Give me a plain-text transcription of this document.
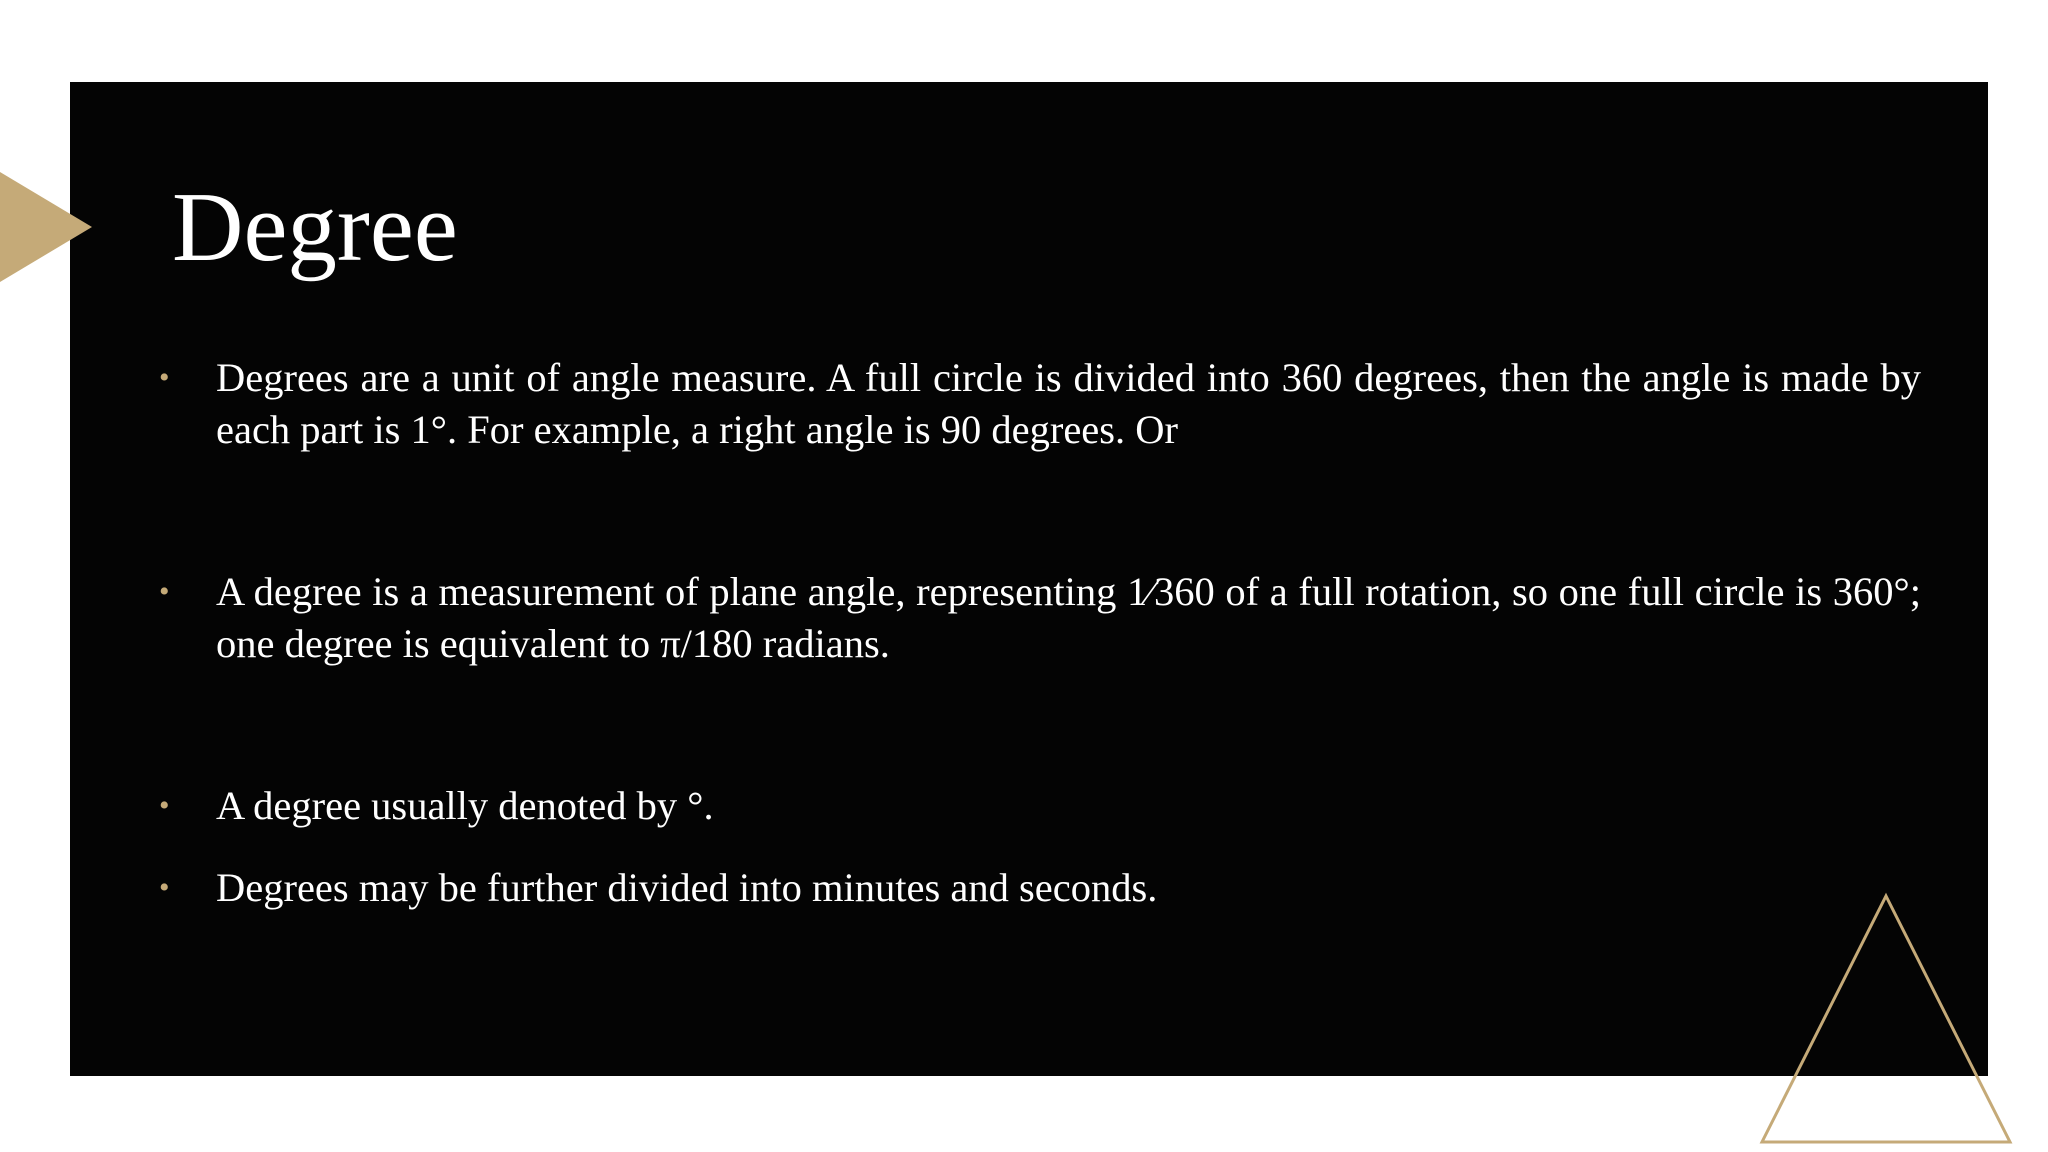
Degree
•	Degrees are a unit of angle measure. A full circle is divided into 360 degrees, then the angle is made by each part is 1°. For example, a right angle is 90 degrees. Or
•	A degree is a measurement of plane angle, representing 1⁄360 of a full rotation, so one full circle is 360°; one degree is equivalent to π/180 radians.
•	A degree usually denoted by °.
•	Degrees may be further divided into minutes and seconds.
